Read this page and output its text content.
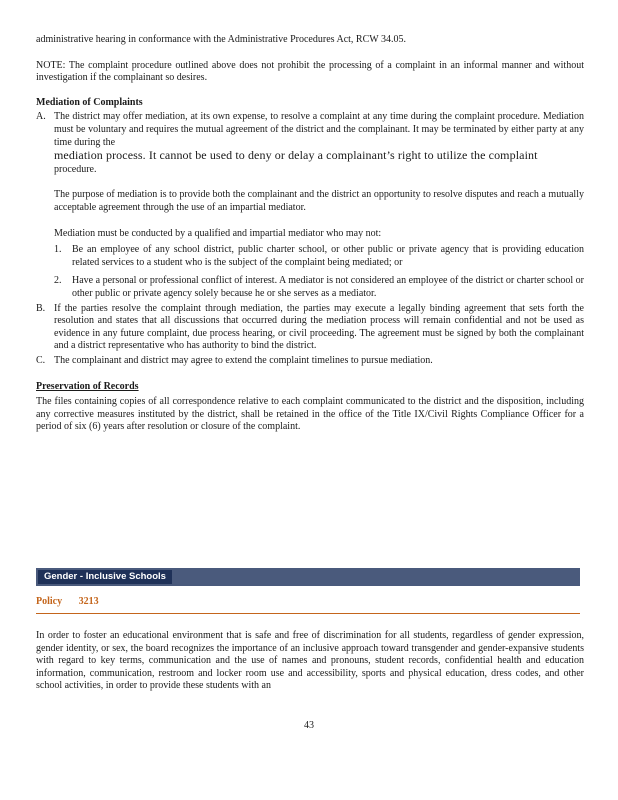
administrative hearing in conformance with the Administrative Procedures Act, RCW 34.05.

NOTE: The complaint procedure outlined above does not prohibit the processing of a complaint in an informal manner and without investigation if the complainant so desires.

Mediation of Complaints
A. The district may offer mediation, at its own expense, to resolve a complaint at any time during the complaint procedure. Mediation must be voluntary and requires the mutual agreement of the district and the complainant. It may be terminated by either party at any time during the
mediation process. It cannot be used to deny or delay a complainant’s right to utilize the complaint
procedure.

The purpose of mediation is to provide both the complainant and the district an opportunity to resolve disputes and reach a mutually acceptable agreement through the use of an impartial mediator.

Mediation must be conducted by a qualified and impartial mediator who may not:

1.	Be an employee of any school district, public charter school, or other public or private agency that is providing education related services to a student who is the subject of the complaint being mediated; or
2.	Have a personal or professional conflict of interest. A mediator is not considered an employee of the district or charter school or other public or private agency solely because he or she serves as a mediator.
B. If the parties resolve the complaint through mediation, the parties may execute a legally binding agreement that sets forth the resolution and states that all discussions that occurred during the mediation process will remain confidential and not be used as evidence in any future complaint, due process hearing, or civil proceeding. The agreement must be signed by both the complainant and a district representative who has authority to bind the district.
C. The complainant and district may agree to extend the complaint timelines to pursue mediation.
Preservation of Records

The files containing copies of all correspondence relative to each complaint communicated to the district and the disposition, including any corrective measures instituted by the district, shall be retained in the office of the Title IX/Civil Rights Compliance Officer for a period of six (6) years after resolution or closure of the complaint.

Gender - Inclusive Schools
Policy 3213

In order to foster an educational environment that is safe and free of discrimination for all students, regardless of gender expression, gender identity, or sex, the board recognizes the importance of an inclusive approach toward transgender and gender-expansive students with regard to key terms, communication and the use of names and pronouns, student records, confidential health and education information, communication, restroom and locker room use and accessibility, sports and physical education, dress codes, and other school activities, in order to provide these students with an

43
